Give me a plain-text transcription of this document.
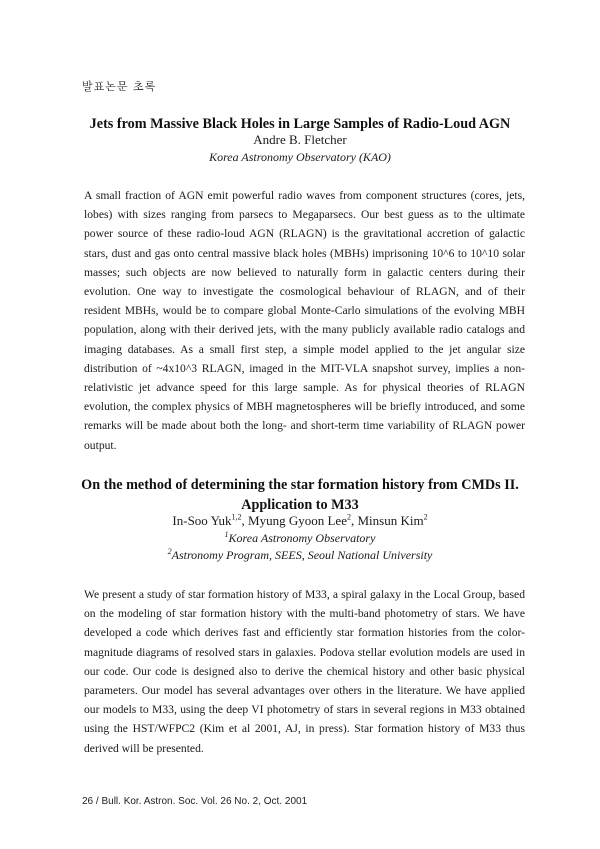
발표논문 초록
Jets from Massive Black Holes in Large Samples of Radio-Loud AGN
Andre B. Fletcher
Korea Astronomy Observatory (KAO)

A small fraction of AGN emit powerful radio waves from component structures (cores, jets, lobes) with sizes ranging from parsecs to Megaparsecs. Our best guess as to the ultimate power source of these radio-loud AGN (RLAGN) is the gravitational accretion of galactic stars, dust and gas onto central massive black holes (MBHs) imprisoning 10^6 to 10^10 solar masses; such objects are now believed to naturally form in galactic centers during their evolution. One way to investigate the cosmological behaviour of RLAGN, and of their resident MBHs, would be to compare global Monte-Carlo simulations of the evolving MBH population, along with their derived jets, with the many publicly available radio catalogs and imaging databases. As a small first step, a simple model applied to the jet angular size distribution of ~4x10^3 RLAGN, imaged in the MIT-VLA snapshot survey, implies a non-relativistic jet advance speed for this large sample. As for physical theories of RLAGN evolution, the complex physics of MBH magnetospheres will be briefly introduced, and some remarks will be made about both the long- and short-term time variability of RLAGN power output.

On the method of determining the star formation history from CMDs II.
Application to M33
In-Soo Yuk$^{1,2}$, Myung Gyoon Lee$^2$, Minsun Kim$^2$
$^1$Korea Astronomy Observatory
$^2$Astronomy Program, SEES, Seoul National University

We present a study of star formation history of M33, a spiral galaxy in the Local Group, based on the modeling of star formation history with the multi-band photometry of stars. We have developed a code which derives fast and efficiently star formation histories from the color-magnitude diagrams of resolved stars in galaxies. Podova stellar evolution models are used in our code. Our code is designed also to derive the chemical history and other basic physical parameters. Our model has several advantages over others in the literature. We have applied our models to M33, using the deep VI photometry of stars in several regions in M33 obtained using the HST/WFPC2 (Kim et al 2001, AJ, in press). Star formation history of M33 thus derived will be presented.

26 / Bull. Kor. Astron. Soc. Vol. 26 No. 2, Oct. 2001
